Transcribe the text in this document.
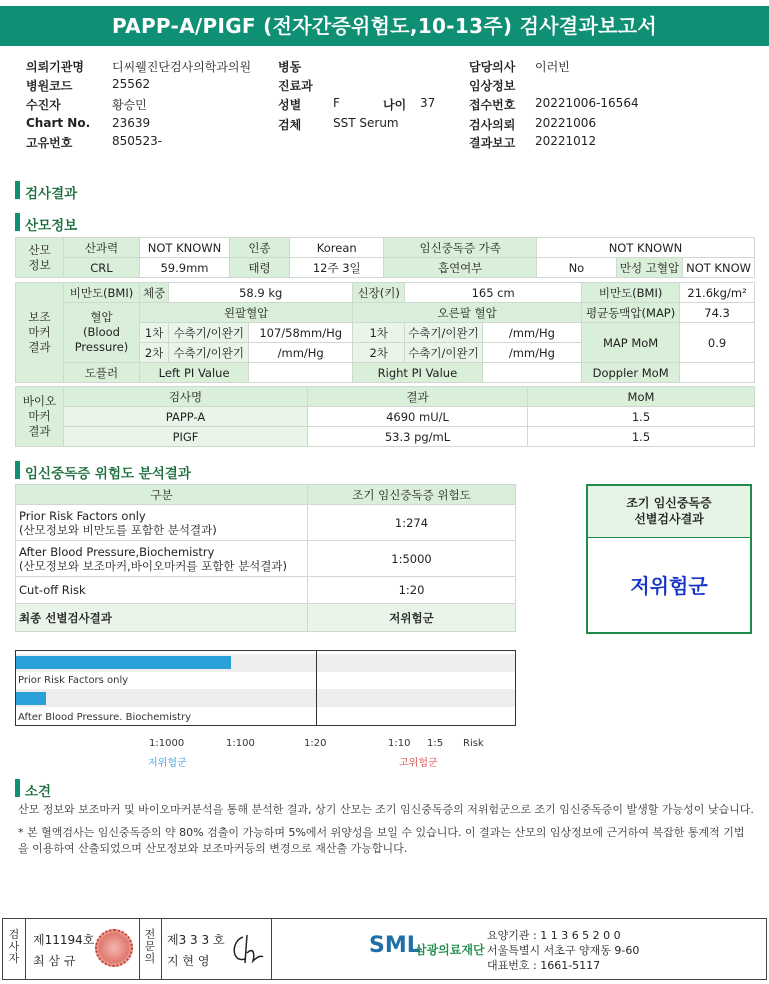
PAPP-A/PIGF (전자간증위험도,10-13주) 검사결과보고서
의뢰기관명 디씨웰진단검사의학과의원
병원코드	25562
수진자	황승민
Chart No. 23639
고유번호	850523-
병동
진료과
성별	F	나이 37
검체	SST Serum
담당의사 이러빈
임상정보
접수번호 20221006-16564
검사의뢰 20221006
결과보고 20221012
검사결과
산모정보
산모
정보	산과력	NOT KNOWN	인종	Korean	임신중독증 가족	NOT KNOWN		
	CRL	59.9mm	태령	12주 3일	흡연여부	No	만성 고혈압	NOT KNOW
보조
마커
결과	비만도(BMI)	체중	58.9 kg		신장(키)	165 cm		비만도(BMI)	21.6kg/m²
	혈압
(Blood
Pressure)	왼팔혈압			오른팔 혈압			평균동맥압(MAP)	74.3
		1차	수축기/이완기	107/58mm/Hg	1차	수축기/이완기	/mm/Hg	MAP MoM	0.9
		2차	수축기/이완기	/mm/Hg	2차	수축기/이완기	/mm/Hg		
	도플러	Left PI Value			Right PI Value			Doppler MoM	
바이오
마커
결과	검사명	결과	MoM
	PAPP-A	4690 mU/L	1.5
	PIGF	53.3 pg/mL	1.5
임신중독증 위험도 분석결과
구분	조기 임신중독증 위험도

Prior Risk Factors only
(산모정보와 비만도를 포함한 분석결과)	1:274

After Blood Pressure,Biochemistry
(산모정보와 보조마커,바이오마커를 포함한 분석결과)	1:5000
Cut-off Risk	1:20
최종 선별검사결과	저위험군
조기 임신중독증
선별검사결과
저위험군
Prior Risk Factors only
After Blood Pressure. Biochemistry
1:1000	1:100	1:20	1:10 1:5 Risk
저위험군	고위험군
소견
산모 정보와 보조마커 및 바이오마커분석을 통해 분석한 결과, 상기 산모는 조기 임신중독증의 저위험군으로 조기 임신중독증이 발생할 가능성이 낮습니다.
* 본 혈액검사는 임신중독증의 약 80% 검출이 가능하며 5%에서 위양성을 보일 수 있습니다. 이 결과는 산모의 임상정보에 근거하여 복잡한 통계적 기법
을 이용하여 산출되었으며 산모정보와 보조마커등의 변경으로 재산출 가능합니다.
검
사
자
제11194호
최 삼 규
전
문
의
제3 3 3 호
지 현 영
SML
삼광의료재단
요양기관 : 1 1 3 6 5 2 0 0
서울특별시 서초구 양재동 9-60
대표번호 : 1661-5117
